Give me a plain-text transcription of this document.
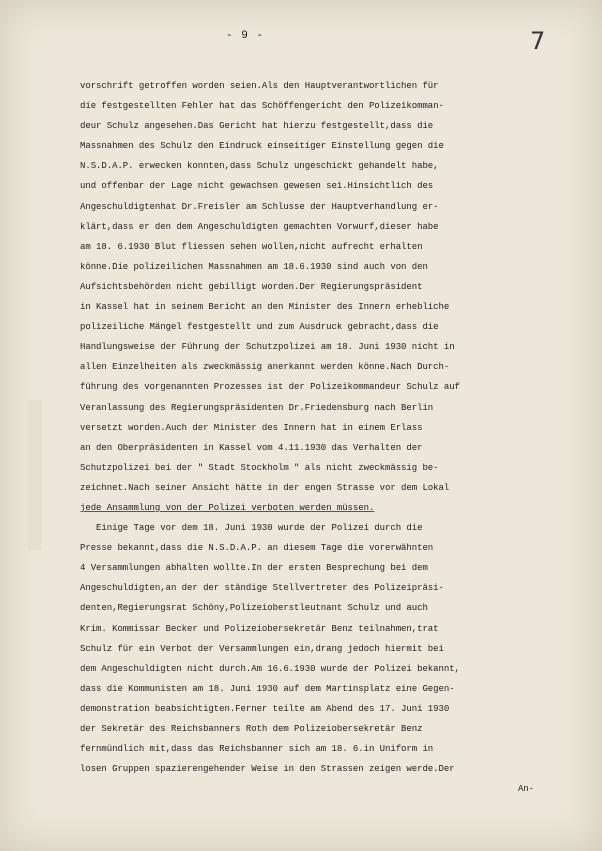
- 9 -	7
vorschrift getroffen worden seien.Als den Hauptverantwortlichen für
die festgestellten Fehler hat das Schöffengericht den Polizeikomman-
deur Schulz angesehen.Das Gericht hat hierzu festgestellt,dass die
Massnahmen des Schulz den Eindruck einseitiger Einstellung gegen die
N.S.D.A.P. erwecken konnten,dass Schulz ungeschickt gehandelt habe,
und offenbar der Lage nicht gewachsen gewesen sei.Hinsichtlich des
Angeschuldigtenhat Dr.Freisler am Schlusse der Hauptverhandlung er-
klärt,dass er den dem Angeschuldigten gemachten Vorwurf,dieser habe
am 18. 6.1930 Blut fliessen sehen wollen,nicht aufrecht erhalten
könne.Die polizeilichen Massnahmen am 18.6.1930 sind auch von den
Aufsichtsbehörden nicht gebilligt worden.Der Regierungspräsident
in Kassel hat in seinem Bericht an den Minister des Innern erhebliche
polizeiliche Mängel festgestellt und zum Ausdruck gebracht,dass die
Handlungsweise der Führung der Schutzpolizei am 18. Juni 1930 nicht in
allen Einzelheiten als zweckmässig anerkannt werden könne.Nach Durch-
führung des vorgenannten Prozesses ist der Polizeikommandeur Schulz auf
Veranlassung des Regierungspräsidenten Dr.Friedensburg nach Berlin
versetzt worden.Auch der Minister des Innern hat in einem Erlass
an den Oberpräsidenten in Kassel vom 4.11.1930 das Verhalten der
Schutzpolizei bei der " Stadt Stockholm " als nicht zweckmässig be-
zeichnet.Nach seiner Ansicht hätte in der engen Strasse vor dem Lokal
jede Ansammlung von der Polizei verboten werden müssen.
Einige Tage vor dem 18. Juni 1930 wurde der Polizei durch die
Presse bekannt,dass die N.S.D.A.P. an diesem Tage die vorerwähnten
4 Versammlungen abhalten wollte.In der ersten Besprechung bei dem
Angeschuldigten,an der der ständige Stellvertreter des Polizeipräsi-
denten,Regierungsrat Schöny,Polizeioberstleutnant Schulz und auch
Krim. Kommissar Becker und Polizeiobersekretär Benz teilnahmen,trat
Schulz für ein Verbot der Versammlungen ein,drang jedoch hiermit bei
dem Angeschuldigten nicht durch.Am 16.6.1930 wurde der Polizei bekannt,
dass die Kommunisten am 18. Juni 1930 auf dem Martinsplatz eine Gegen-
demonstration beabsichtigten.Ferner teilte am Abend des 17. Juni 1930
der Sekretär des Reichsbanners Roth dem Polizeiobersekretär Benz
fernmündlich mit,dass das Reichsbanner sich am 18. 6.in Uniform in
losen Gruppen spazierengehender Weise in den Strassen zeigen werde.Der
An-
